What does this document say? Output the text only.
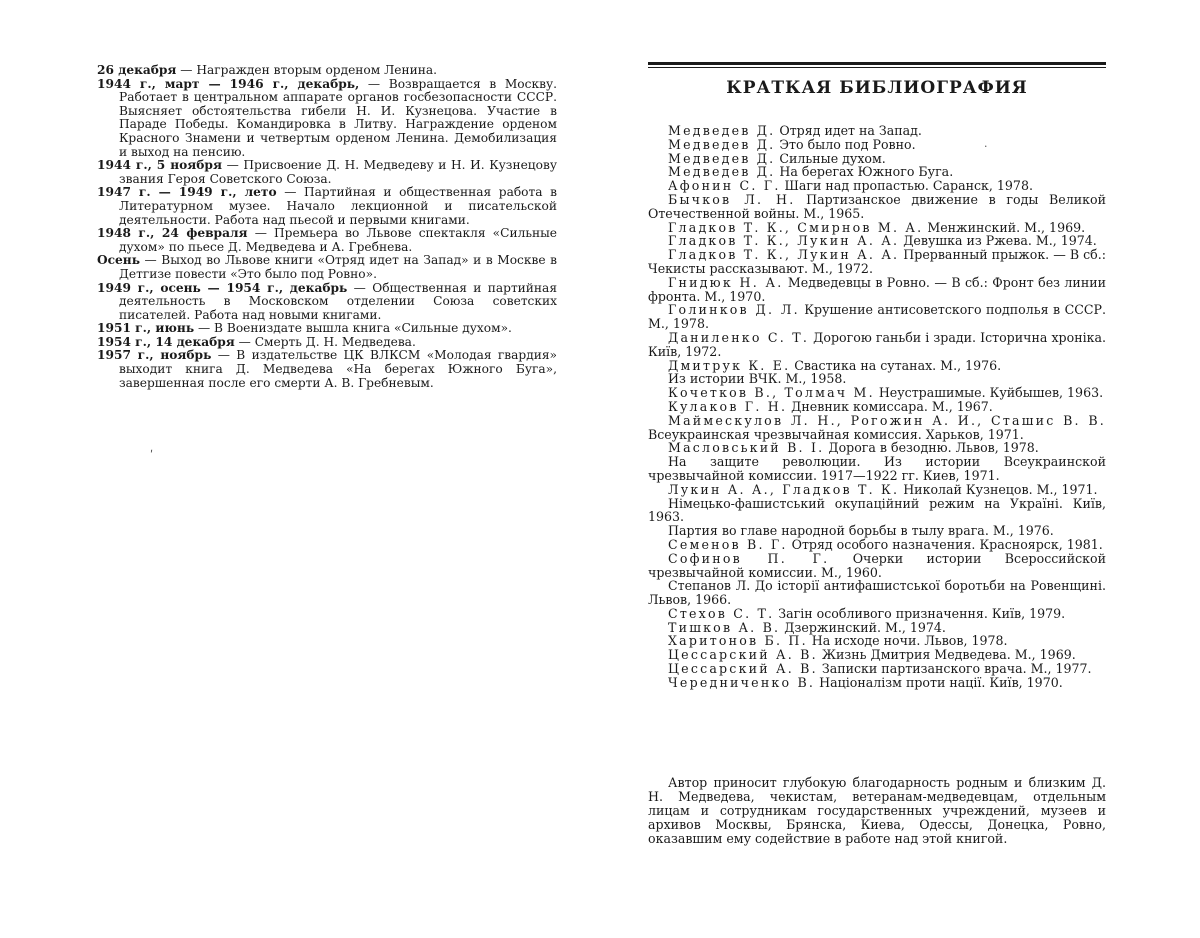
26 декабря — Награжден вторым орденом Ленина.

1944 г., март — 1946 г., декабрь, — Возвращается в Москву. Работает в центральном аппарате органов госбезопасности СССР. Выясняет обстоятельства гибели Н. И. Кузнецова. Участие в Параде Победы. Командировка в Литву. Награждение орденом Красного Знамени и четвертым орденом Ленина. Демобилизация и выход на пенсию.

1944 г., 5 ноября — Присвоение Д. Н. Медведеву и Н. И. Кузнецову звания Героя Советского Союза.

1947 г. — 1949 г., лето — Партийная и общественная работа в Литературном музее. Начало лекционной и писательской деятельности. Работа над пьесой и первыми книгами.

1948 г., 24 февраля — Премьера во Львове спектакля «Сильные духом» по пьесе Д. Медведева и А. Гребнева.

Осень — Выход во Львове книги «Отряд идет на Запад» и в Москве в Детгизе повести «Это было под Ровно».

1949 г., осень — 1954 г., декабрь — Общественная и партийная деятельность в Московском отделении Союза советских писателей. Работа над новыми книгами.

1951 г., июнь — В Воениздате вышла книга «Сильные духом».

1954 г., 14 декабря — Смерть Д. Н. Медведева.

1957 г., ноябрь — В издательстве ЦК ВЛКСМ «Молодая гвардия» выходит книга Д. Медведева «На берегах Южного Буга», завершенная после его смерти А. В. Гребневым.

ʹ
КРАТКАЯ БИБЛИОГРАФИЯ

Медведев Д. Отряд идет на Запад.

Медведев Д. Это было под Ровно.

Медведев Д. Сильные духом.

Медведев Д. На берегах Южного Буга.

Афонин С. Г. Шаги над пропастью. Саранск, 1978.

Бычков Л. Н. Партизанское движение в годы Великой Отечественной войны. М., 1965.

Гладков Т. К., Смирнов М. А. Менжинский. М., 1969.

Гладков Т. К., Лукин А. А. Девушка из Ржева. М., 1974.

Гладков Т. К., Лукин А. А. Прерванный прыжок. — В сб.: Чекисты рассказывают. М., 1972.

Гнидюк Н. А. Медведевцы в Ровно. — В сб.: Фронт без линии фронта. М., 1970.

Голинков Д. Л. Крушение антисоветского подполья в СССР. М., 1978.

Даниленко С. Т. Дорогою ганьби і зради. Історична хроніка. Київ, 1972.

Дмитрук К. Е. Свастика на сутанах. М., 1976.

Из истории ВЧК. М., 1958.

Кочетков В., Толмач М. Неустрашимые. Куйбышев, 1963.

Кулаков Г. Н. Дневник комиссара. М., 1967.

Маймескулов Л. Н., Рогожин А. И., Сташис В. В. Всеукраинская чрезвычайная комиссия. Харьков, 1971.

Масловський В. І. Дорога в безодню. Львов, 1978.

На защите революции. Из истории Всеукраинской чрезвычайной комиссии. 1917—1922 гг. Киев, 1971.

Лукин А. А., Гладков Т. К. Николай Кузнецов. М., 1971.

Німецько-фашистський окупаційний режим на Україні. Київ, 1963.

Партия во главе народной борьбы в тылу врага. М., 1976.

Семенов В. Г. Отряд особого назначения. Красноярск, 1981.

Софинов П. Г. Очерки истории Всероссийской чрезвычайной комиссии. М., 1960.

Степанов Л. До історії антифашистської боротьби на Ровенщині. Львов, 1966.

Стехов С. Т. Загін особливого призначення. Київ, 1979.

Тишков А. В. Дзержинский. М., 1974.

Харитонов Б. П. На исходе ночи. Львов, 1978.

Цессарский А. В. Жизнь Дмитрия Медведева. М., 1969.

Цессарский А. В. Записки партизанского врача. М., 1977.

Чередниченко В. Націоналізм проти нації. Київ, 1970.

Автор приносит глубокую благодарность родным и близким Д. Н. Медведева, чекистам, ветеранам-медведевцам, отдельным лицам и сотрудникам государственных учреждений, музеев и архивов Москвы, Брянска, Киева, Одессы, Донецка, Ровно, оказавшим ему содействие в работе над этой книгой.

·
